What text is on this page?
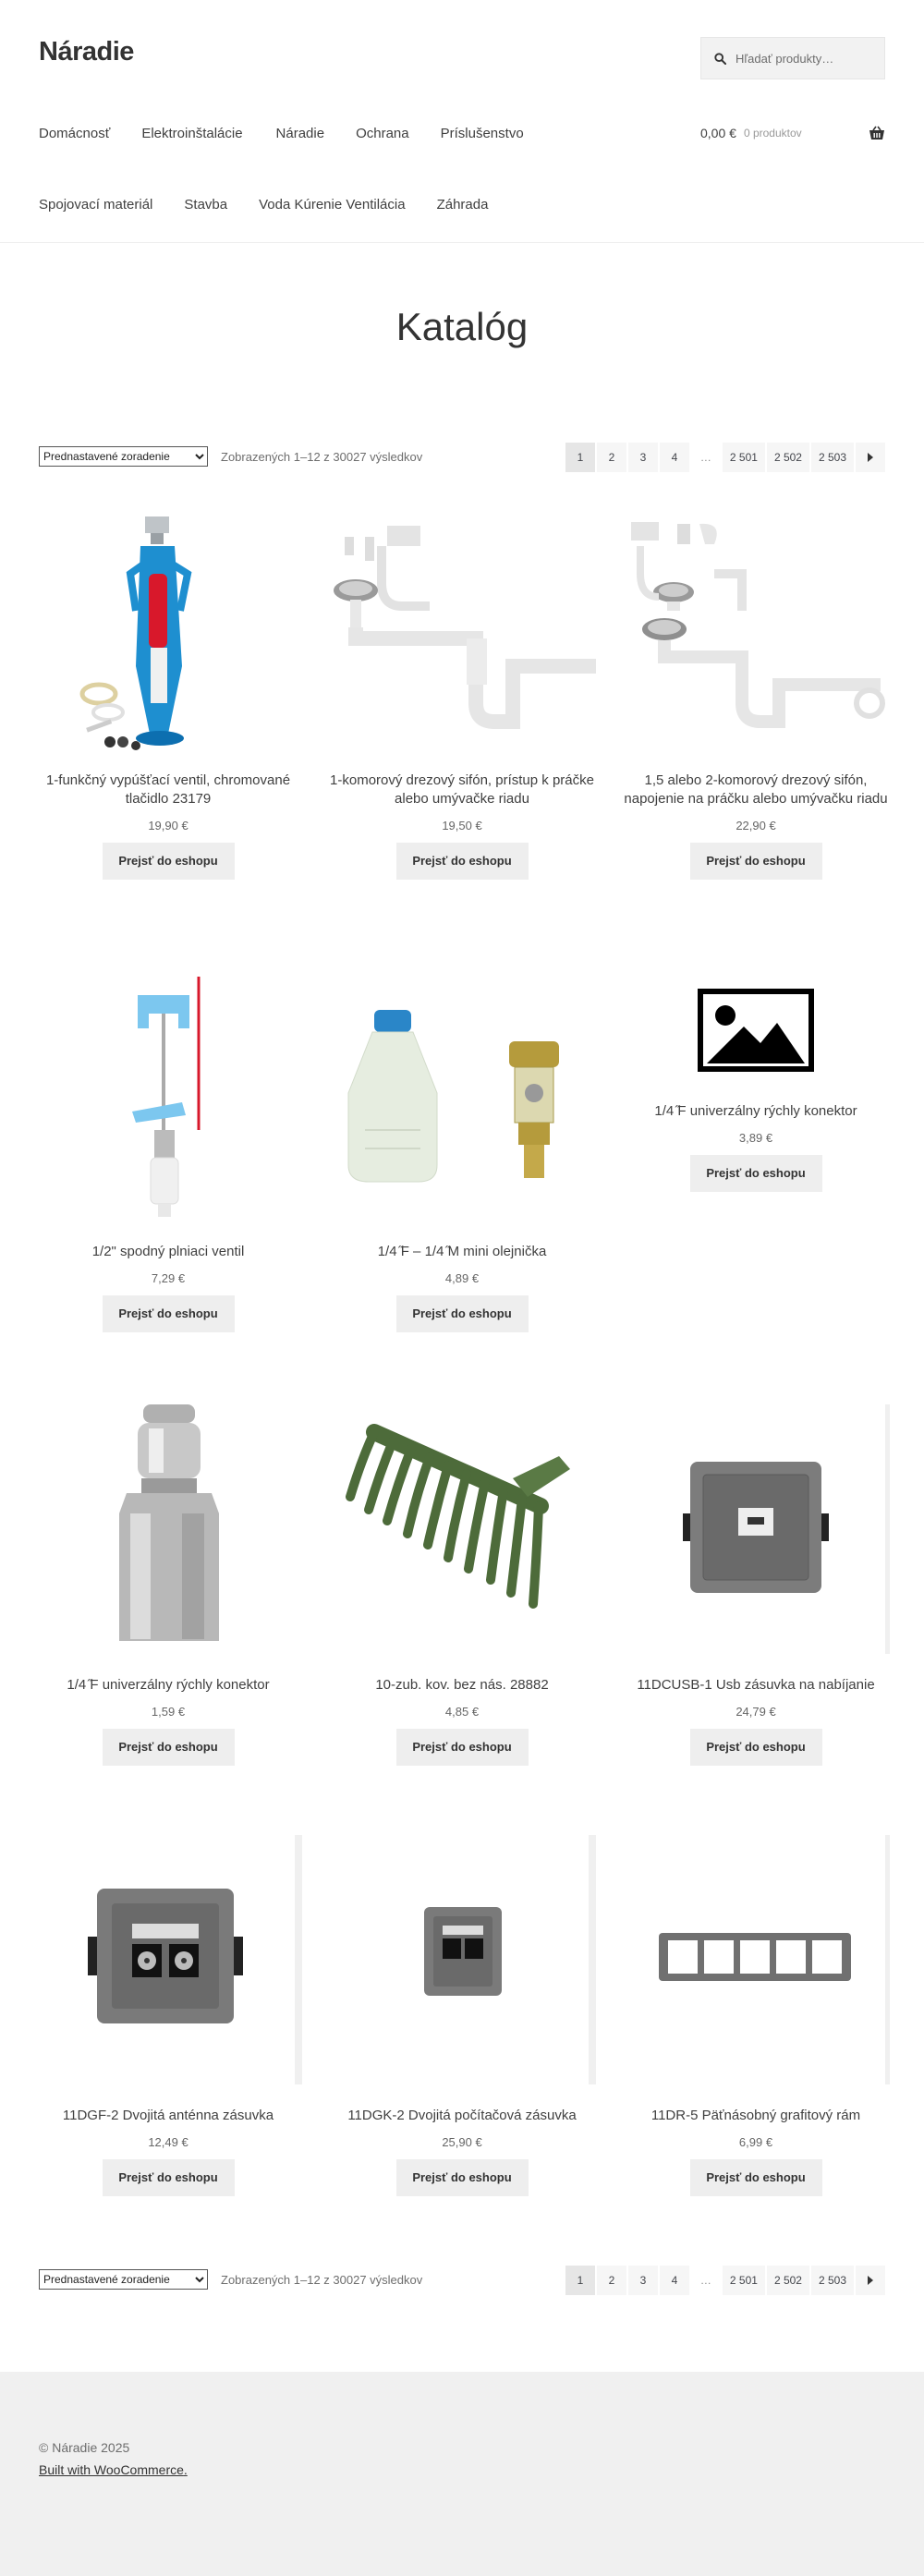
Náradie
Hľadať produkty…
Domácnosť Elektroinštalácie Náradie Ochrana Príslušenstvo
Spojovací materiál Stavba Voda Kúrenie Ventilácia Záhrada
0,00 € 0 produktov
Katalóg
Prednastavené zoradenie
Zobrazených 1–12 z 30027 výsledkov	1	2	3	4	…	2 501	2 502	2 503
1-funkčný vypúšťací ventil, chromované tlačidlo 23179
19,90 €
Prejsť do eshopu
1-komorový drezový sifón, prístup k práčke alebo umývačke riadu
19,50 €
Prejsť do eshopu
1,5 alebo 2-komorový drezový sifón, napojenie na práčku alebo umývačku riadu
22,90 €
Prejsť do eshopu
1/2" spodný plniaci ventil
7,29 €
Prejsť do eshopu
1/4 ̋F – 1/4 ̋M mini olejnička
4,89 €
Prejsť do eshopu
1/4 ̋F univerzálny rýchly konektor
3,89 €
Prejsť do eshopu
1/4 ̋F univerzálny rýchly konektor
1,59 €
Prejsť do eshopu
10-zub. kov. bez nás. 28882
4,85 €
Prejsť do eshopu
11DCUSB-1 Usb zásuvka na nabíjanie
24,79 €
Prejsť do eshopu
11DGF-2 Dvojitá anténna zásuvka
12,49 €
Prejsť do eshopu
11DGK-2 Dvojitá počítačová zásuvka
25,90 €
Prejsť do eshopu
11DR-5 Päťnásobný grafitový rám
6,99 €
Prejsť do eshopu
Prednastavené zoradenie
Zobrazených 1–12 z 30027 výsledkov	1	2	3	4	…	2 501	2 502	2 503
© Náradie 2025
Built with WooCommerce.
